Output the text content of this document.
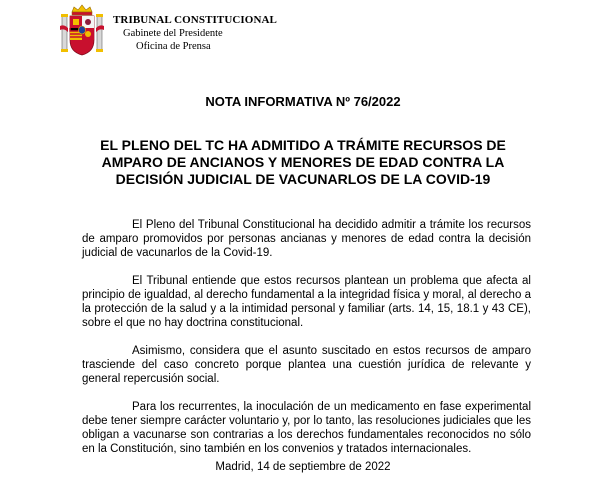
TRIBUNAL CONSTITUCIONAL
Gabinete del Presidente
Oficina de Prensa
NOTA INFORMATIVA Nº 76/2022
EL PLENO DEL TC HA ADMITIDO A TRÁMITE RECURSOS DE AMPARO DE ANCIANOS Y MENORES DE EDAD CONTRA LA DECISIÓN JUDICIAL DE VACUNARLOS DE LA COVID-19

El Pleno del Tribunal Constitucional ha decidido admitir a trámite los recursos de amparo promovidos por personas ancianas y menores de edad contra la decisión judicial de vacunarlos de la Covid-19.

El Tribunal entiende que estos recursos plantean un problema que afecta al principio de igualdad, al derecho fundamental a la integridad física y moral, al derecho a la protección de la salud y a la intimidad personal y familiar (arts. 14, 15, 18.1 y 43 CE), sobre el que no hay doctrina constitucional.

Asimismo, considera que el asunto suscitado en estos recursos de amparo trasciende del caso concreto porque plantea una cuestión jurídica de relevante y general repercusión social.

Para los recurrentes, la inoculación de un medicamento en fase experimental debe tener siempre carácter voluntario y, por lo tanto, las resoluciones judiciales que les obligan a vacunarse son contrarias a los derechos fundamentales reconocidos no sólo en la Constitución, sino también en los convenios y tratados internacionales.

Madrid, 14 de septiembre de 2022
